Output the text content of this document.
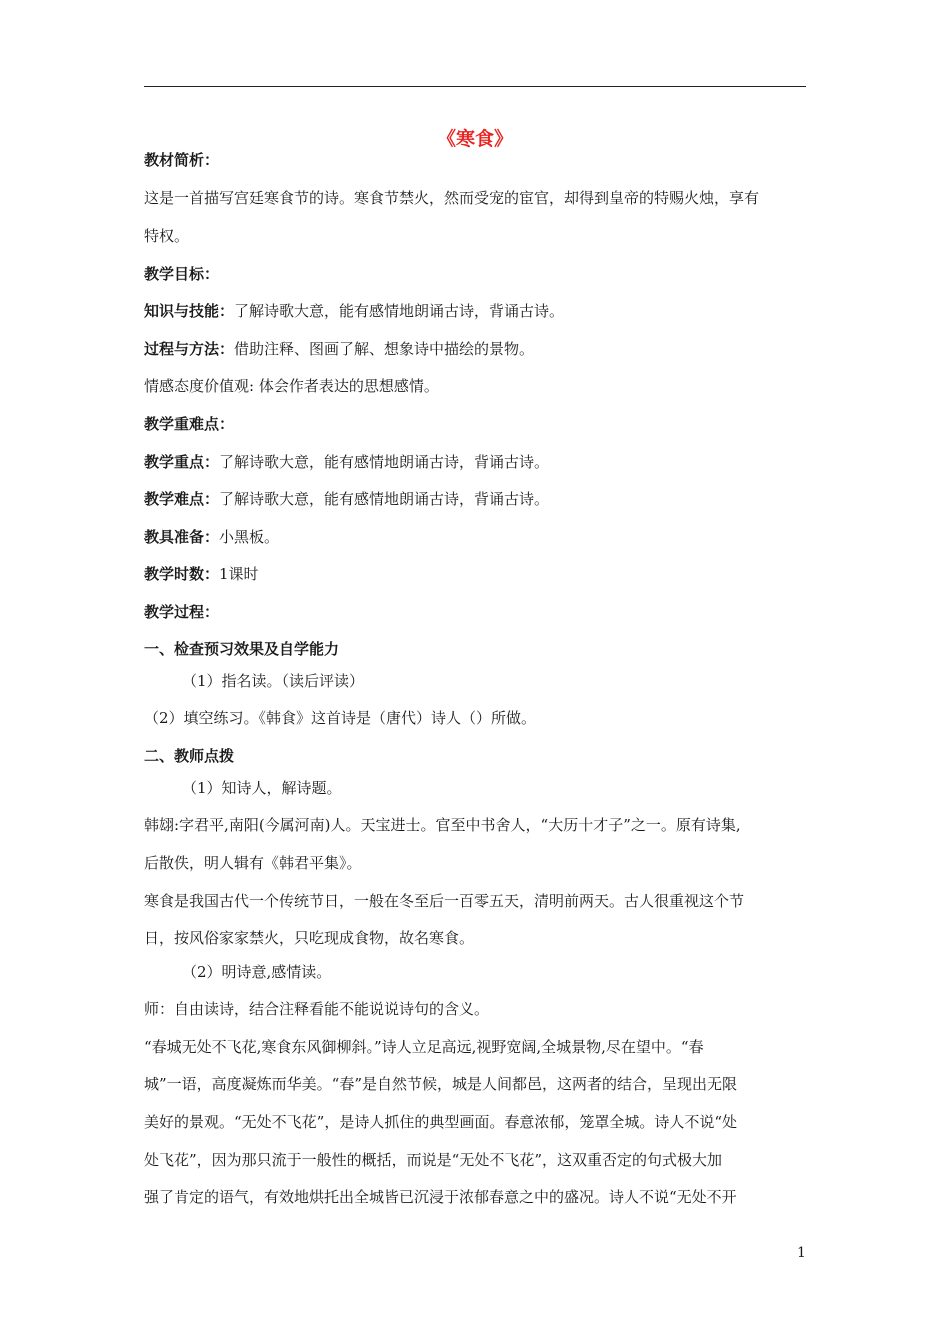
《寒食》
教材简析：
这是一首描写宫廷寒食节的诗。寒食节禁火，然而受宠的宦官，却得到皇帝的特赐火烛，享有
特权。
教学目标：
知识与技能：了解诗歌大意，能有感情地朗诵古诗，背诵古诗。
过程与方法：借助注释、图画了解、想象诗中描绘的景物。
情感态度价值观: 体会作者表达的思想感情。
教学重难点：
教学重点：了解诗歌大意，能有感情地朗诵古诗，背诵古诗。
教学难点：了解诗歌大意，能有感情地朗诵古诗，背诵古诗。
教具准备：小黑板。
教学时数：1课时
教学过程：
一、检查预习效果及自学能力
（1）指名读。（读后评读）
（2）填空练习。《韩食》这首诗是（唐代）诗人（）所做。
二、教师点拨
（1）知诗人，解诗题。
韩翃:字君平,南阳(今属河南)人。天宝进士。官至中书舍人，“大历十才子”之一。原有诗集,
后散佚，明人辑有《韩君平集》。
寒食是我国古代一个传统节日，一般在冬至后一百零五天，清明前两天。古人很重视这个节
日，按风俗家家禁火，只吃现成食物，故名寒食。
（2）明诗意,感情读。
师：自由读诗，结合注释看能不能说说诗句的含义。
“春城无处不飞花,寒食东风御柳斜。”诗人立足高远,视野宽阔,全城景物,尽在望中。“春
城”一语，高度凝炼而华美。“春”是自然节候，城是人间都邑，这两者的结合，呈现出无限
美好的景观。“无处不飞花”，是诗人抓住的典型画面。春意浓郁，笼罩全城。诗人不说“处
处飞花”，因为那只流于一般性的概括，而说是“无处不飞花”，这双重否定的句式极大加
强了肯定的语气，有效地烘托出全城皆已沉浸于浓郁春意之中的盛况。诗人不说“无处不开
1
